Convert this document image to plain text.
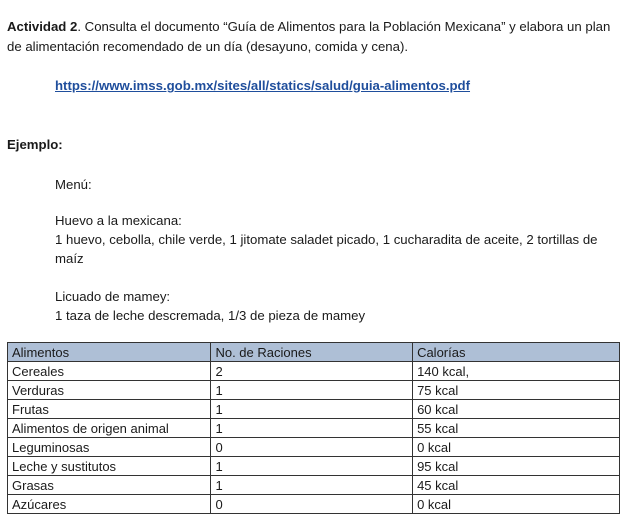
Actividad 2. Consulta el documento “Guía de Alimentos para la Población Mexicana” y elabora un plan de alimentación recomendado de un día (desayuno, comida y cena).
https://www.imss.gob.mx/sites/all/statics/salud/guia-alimentos.pdf
Ejemplo:
Menú:
Huevo a la mexicana:
1 huevo, cebolla, chile verde, 1 jitomate saladet picado, 1 cucharadita de aceite, 2 tortillas de maíz
Licuado de mamey:
1 taza de leche descremada, 1/3 de pieza de mamey
Alimentos	No. de Raciones	Calorías
Cereales	2	140 kcal,
Verduras	1	75 kcal
Frutas	1	60 kcal
Alimentos de origen animal	1	55 kcal
Leguminosas	0	0 kcal
Leche y sustitutos	1	95 kcal
Grasas	1	45 kcal
Azúcares	0	0 kcal
